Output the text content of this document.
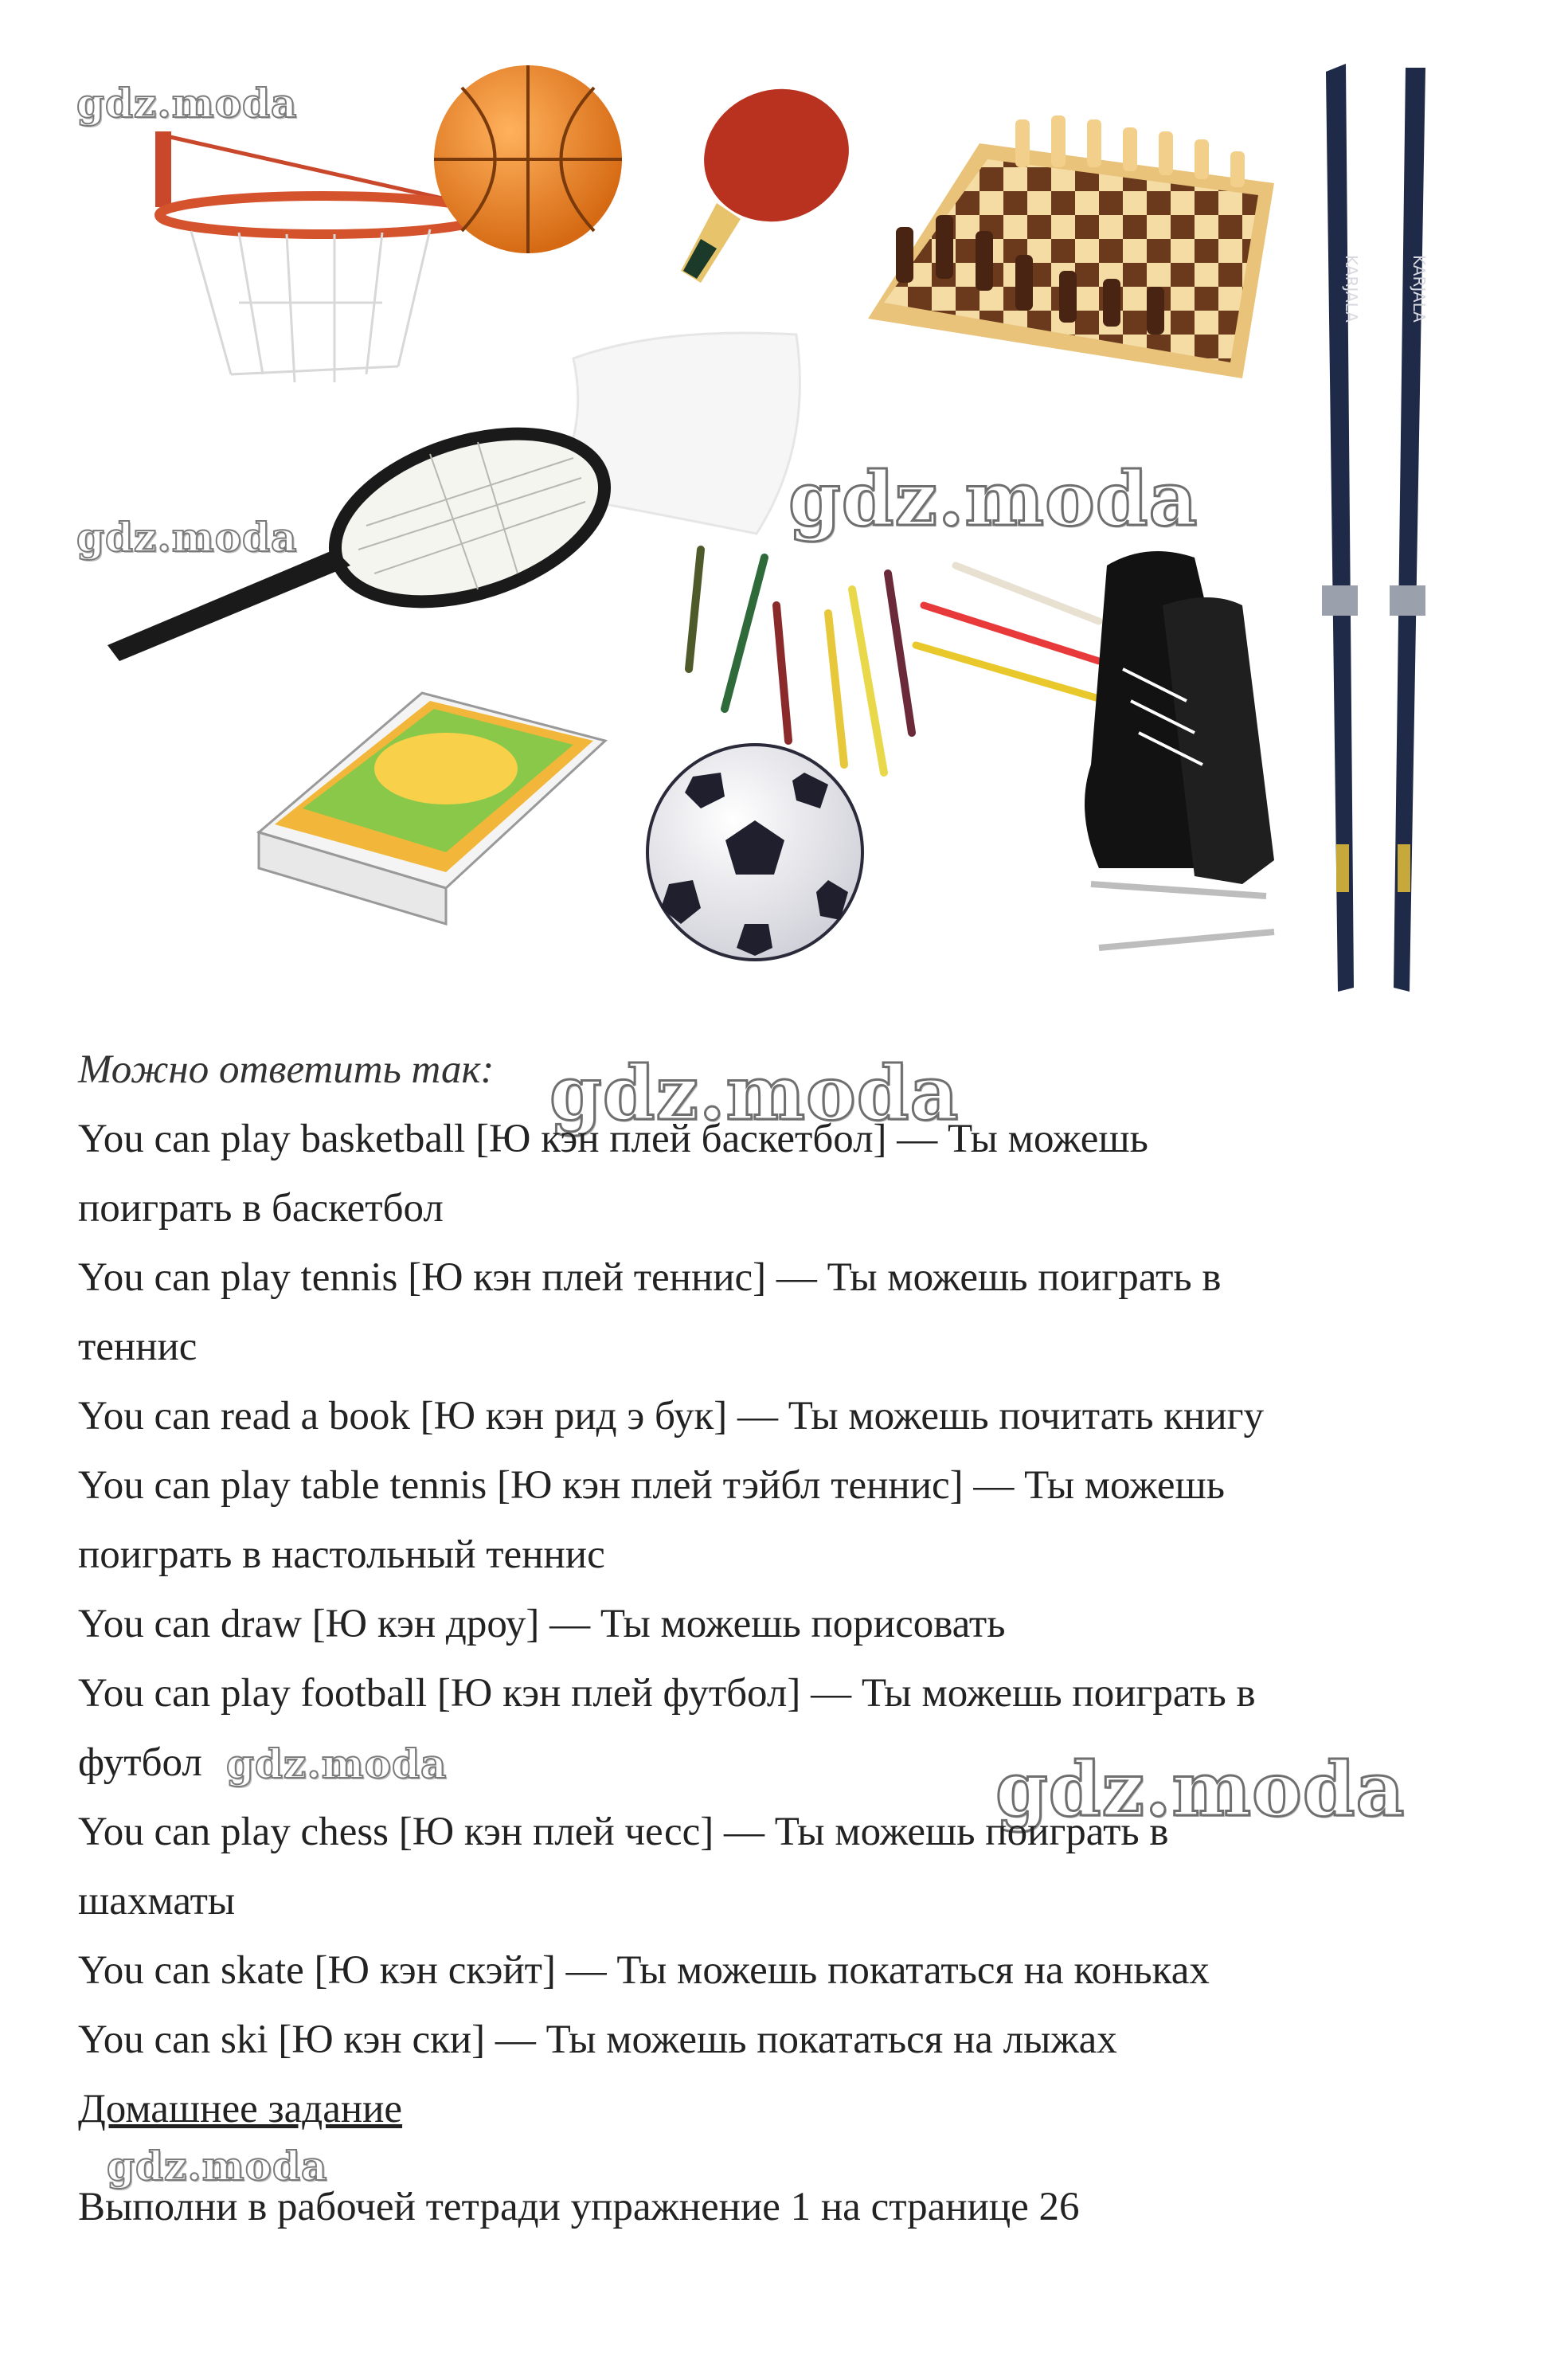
KARJALA	KARJALA
gdz.moda
gdz.moda	gdz.moda
gdz.moda
gdz.moda	gdz.moda
gdz.moda

Можно ответить так:

You can play basketball [Ю кэн плей баскетбол] — Ты можешь

поиграть в баскетбол

You can play tennis [Ю кэн плей теннис] — Ты можешь поиграть в

теннис

You can read a book [Ю кэн рид э бук] — Ты можешь почитать книгу

You can play table tennis [Ю кэн плей тэйбл теннис] — Ты можешь

поиграть в настольный теннис

You can draw [Ю кэн дроу] — Ты можешь порисовать

You can play football [Ю кэн плей футбол] — Ты можешь поиграть в

футбол

You can play chess [Ю кэн плей чесс] — Ты можешь поиграть в

шахматы

You can skate [Ю кэн скэйт] — Ты можешь покататься на коньках

You can ski [Ю кэн ски] — Ты можешь покататься на лыжах

Домашнее задание

Выполни в рабочей тетради упражнение 1 на странице 26
